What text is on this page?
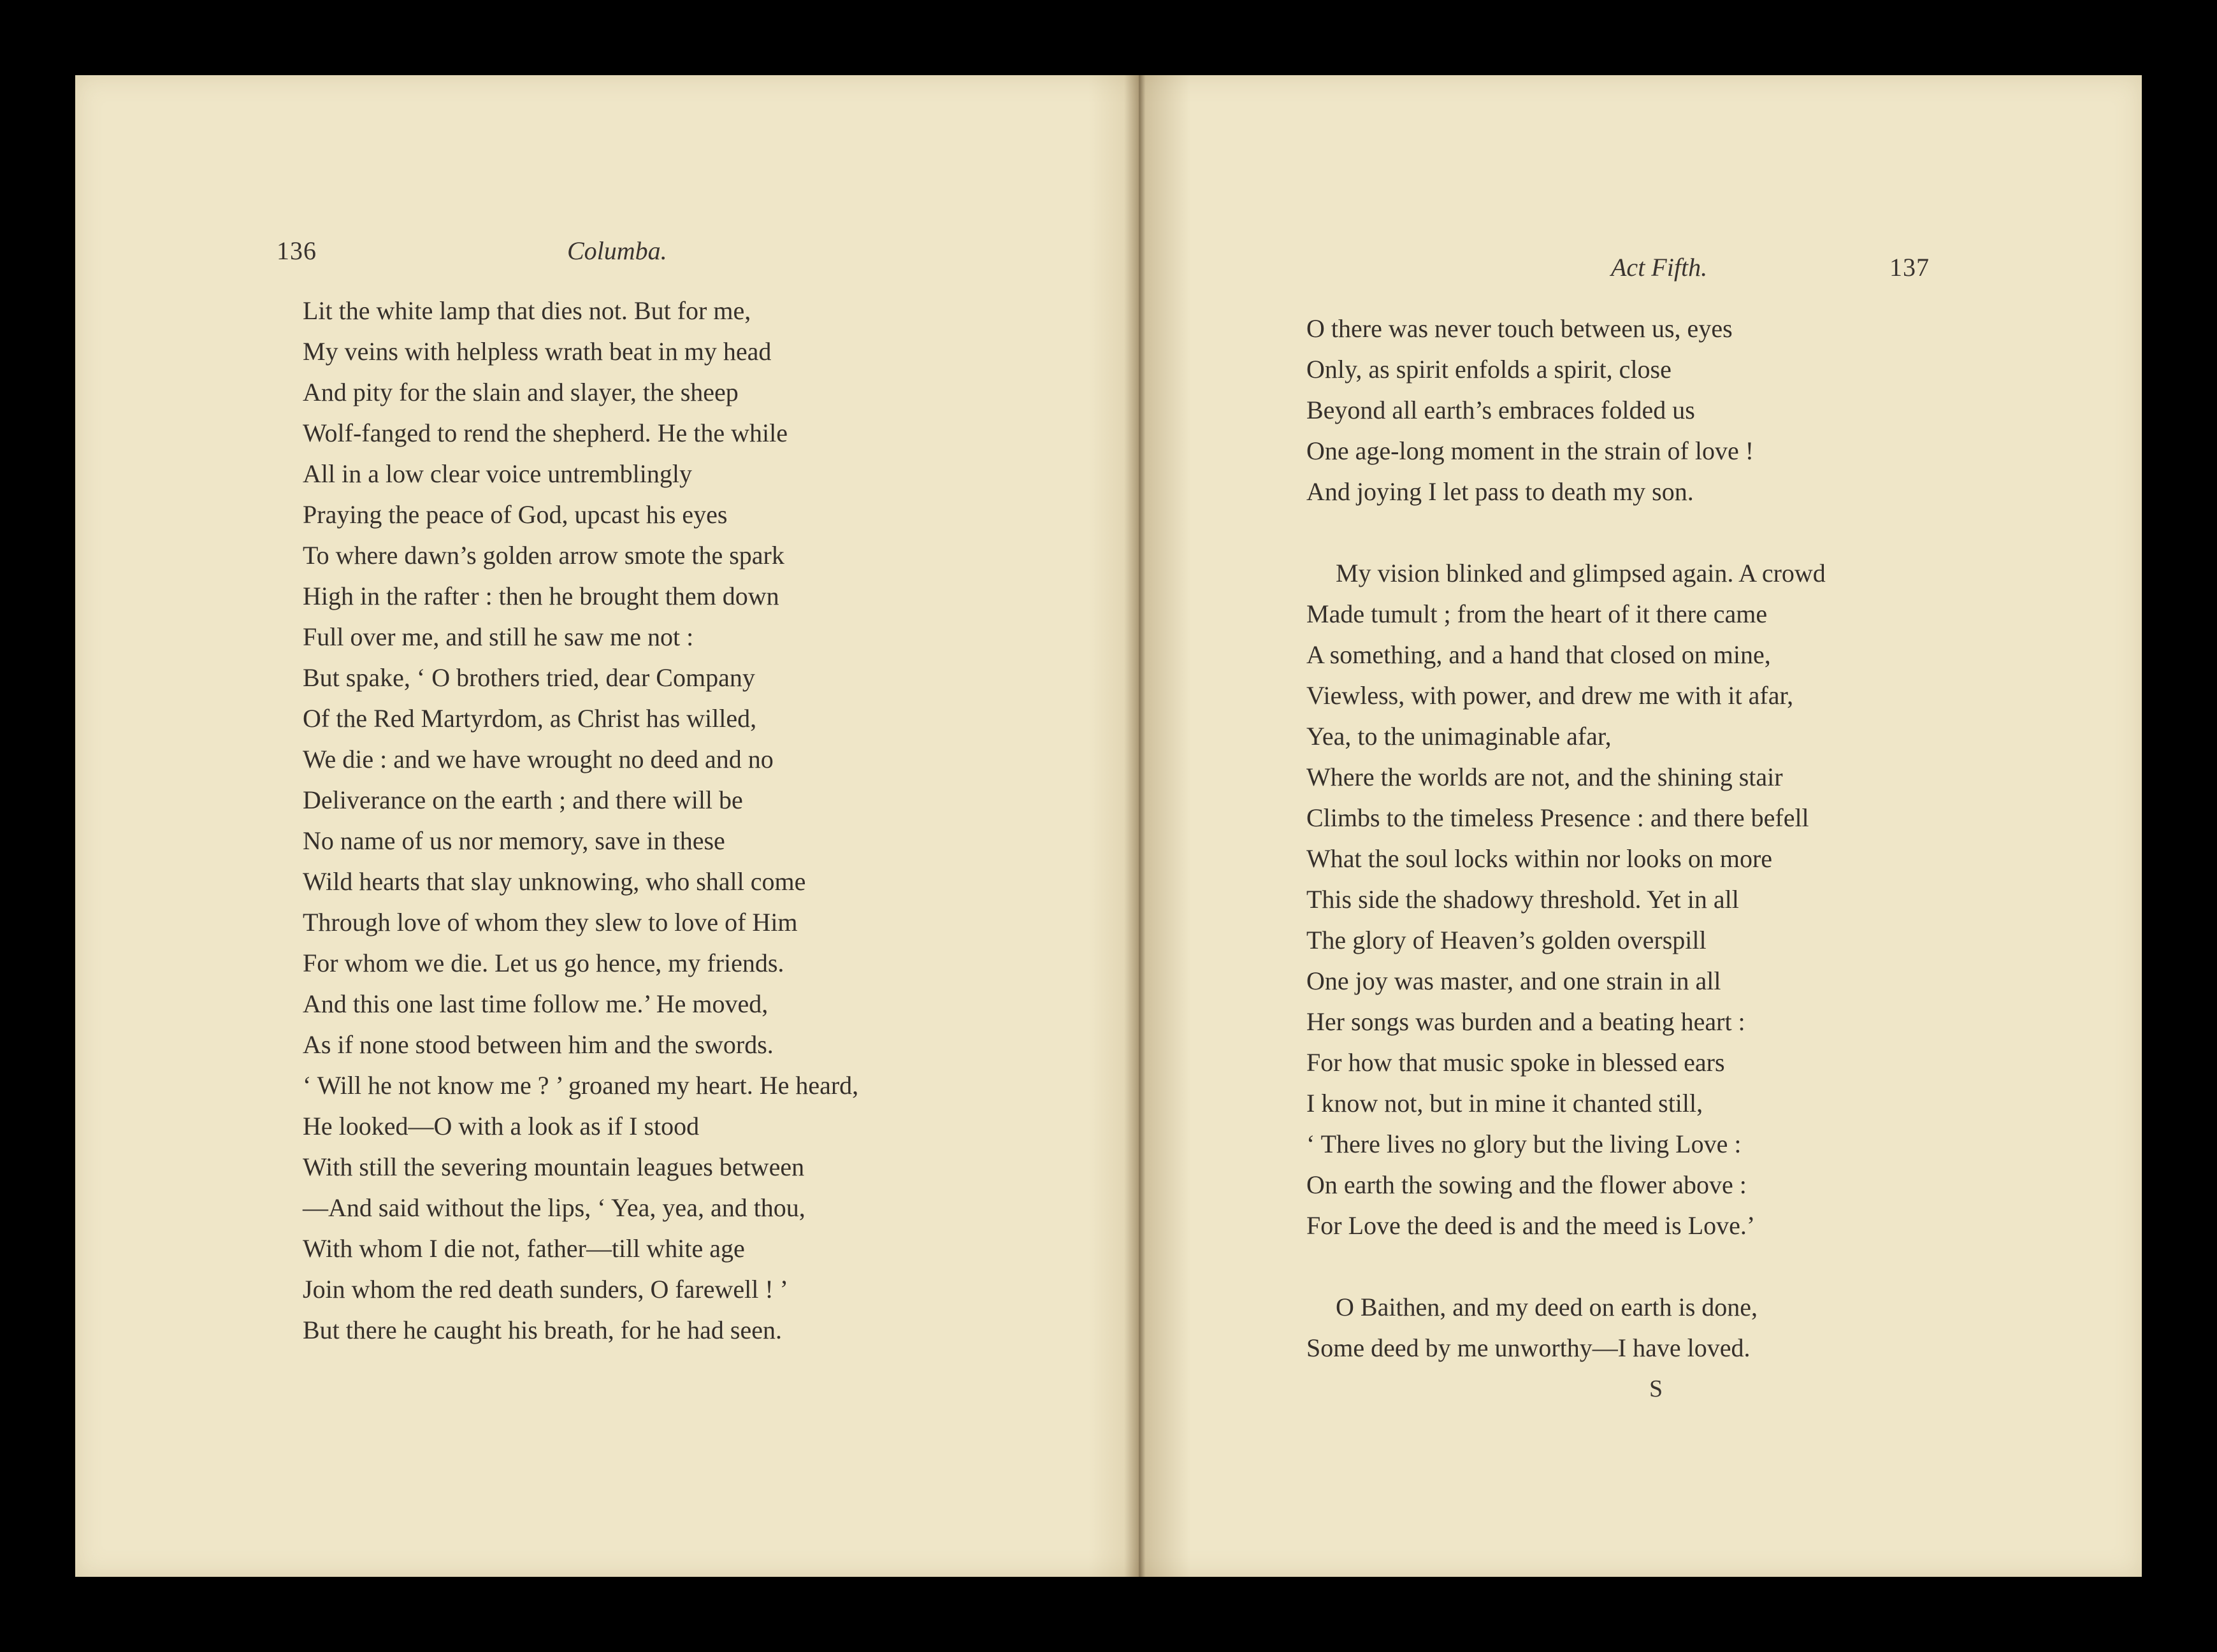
136	Columba.
Lit the white lamp that dies not. But for me,
My veins with helpless wrath beat in my head
And pity for the slain and slayer, the sheep
Wolf-fanged to rend the shepherd. He the while
All in a low clear voice untremblingly
Praying the peace of God, upcast his eyes
To where dawn’s golden arrow smote the spark
High in the rafter : then he brought them down
Full over me, and still he saw me not :
But spake, ‘ O brothers tried, dear Company
Of the Red Martyrdom, as Christ has willed,
We die : and we have wrought no deed and no
Deliverance on the earth ; and there will be
No name of us nor memory, save in these
Wild hearts that slay unknowing, who shall come
Through love of whom they slew to love of Him
For whom we die. Let us go hence, my friends.
And this one last time follow me.’ He moved,
As if none stood between him and the swords.
‘ Will he not know me ? ’ groaned my heart. He heard,
He looked—O with a look as if I stood
With still the severing mountain leagues between
—And said without the lips, ‘ Yea, yea, and thou,
With whom I die not, father—till white age
Join whom the red death sunders, O farewell ! ’
But there he caught his breath, for he had seen.
Act Fifth.	137
O there was never touch between us, eyes
Only, as spirit enfolds a spirit, close
Beyond all earth’s embraces folded us
One age-long moment in the strain of love !
And joying I let pass to death my son.
My vision blinked and glimpsed again. A crowd
Made tumult ; from the heart of it there came
A something, and a hand that closed on mine,
Viewless, with power, and drew me with it afar,
Yea, to the unimaginable afar,
Where the worlds are not, and the shining stair
Climbs to the timeless Presence : and there befell
What the soul locks within nor looks on more
This side the shadowy threshold. Yet in all
The glory of Heaven’s golden overspill
One joy was master, and one strain in all
Her songs was burden and a beating heart :
For how that music spoke in blessed ears
I know not, but in mine it chanted still,
‘ There lives no glory but the living Love :
On earth the sowing and the flower above :
For Love the deed is and the meed is Love.’
O Baithen, and my deed on earth is done,
Some deed by me unworthy—I have loved.
S
